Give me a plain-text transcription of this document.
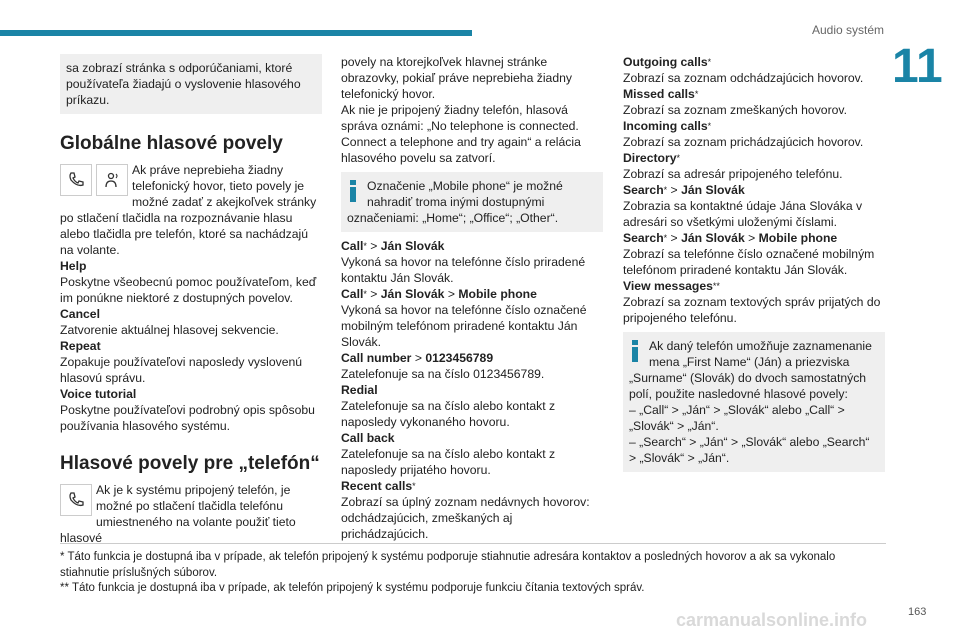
Audio systém
11

sa zobrazí stránka s odporúčaniami, ktoré používateľa žiadajú o vyslovenie hlasového príkazu.

Globálne hlasové povely

Ak práve neprebieha žiadny telefonický hovor, tieto povely je možné zadať z akejkoľvek stránky po stlačení tlačidla na rozpoznávanie hlasu alebo tlačidla pre telefón, ktoré sa nachádzajú na volante.

Help

Poskytne všeobecnú pomoc používateľom, keď im ponúkne niektoré z dostupných povelov.

Cancel

Zatvorenie aktuálnej hlasovej sekvencie.

Repeat

Zopakuje používateľovi naposledy vyslovenú hlasovú správu.

Voice tutorial

Poskytne používateľovi podrobný opis spôsobu používania hlasového systému.

Hlasové povely pre „telefón“

Ak je k systému pripojený telefón, je možné po stlačení tlačidla telefónu umiestneného na volante použiť tieto hlasové

povely na ktorejkoľvek hlavnej stránke obrazovky, pokiaľ práve neprebieha žiadny telefonický hovor.

Ak nie je pripojený žiadny telefón, hlasová správa oznámi: „No telephone is connected. Connect a telephone and try again“ a relácia hlasového povelu sa zatvorí.

Označenie „Mobile phone“ je možné nahradiť troma inými dostupnými označeniami: „Home“; „Office“; „Other“.

Call* > Ján Slovák

Vykoná sa hovor na telefónne číslo priradené kontaktu Ján Slovák.

Call* > Ján Slovák > Mobile phone

Vykoná sa hovor na telefónne číslo označené mobilným telefónom priradené kontaktu Ján Slovák.

Call number > 0123456789

Zatelefonuje sa na číslo 0123456789.

Redial

Zatelefonuje sa na číslo alebo kontakt z naposledy vykonaného hovoru.

Call back

Zatelefonuje sa na číslo alebo kontakt z naposledy prijatého hovoru.

Recent calls*

Zobrazí sa úplný zoznam nedávnych hovorov: odchádzajúcich, zmeškaných aj prichádzajúcich.

Outgoing calls*

Zobrazí sa zoznam odchádzajúcich hovorov.

Missed calls*

Zobrazí sa zoznam zmeškaných hovorov.

Incoming calls*

Zobrazí sa zoznam prichádzajúcich hovorov.

Directory*

Zobrazí sa adresár pripojeného telefónu.

Search* > Ján Slovák

Zobrazia sa kontaktné údaje Jána Slováka v adresári so všetkými uloženými číslami.

Search* > Ján Slovák > Mobile phone

Zobrazí sa telefónne číslo označené mobilným telefónom priradené kontaktu Ján Slovák.

View messages**

Zobrazí sa zoznam textových správ prijatých do pripojeného telefónu.

Ak daný telefón umožňuje zaznamenanie mena „First Name“ (Ján) a priezviska „Surname“ (Slovák) do dvoch samostatných polí, použite nasledovné hlasové povely:

– „Call“ > „Ján“ > „Slovák“ alebo „Call“ > „Slovák“ > „Ján“.

– „Search“ > „Ján“ > „Slovák“ alebo „Search“ > „Slovák“ > „Ján“.

* Táto funkcia je dostupná iba v prípade, ak telefón pripojený k systému podporuje stiahnutie adresára kontaktov a posledných hovorov a ak sa vykonalo stiahnutie príslušných súborov.

** Táto funkcia je dostupná iba v prípade, ak telefón pripojený k systému podporuje funkciu čítania textových správ.

carmanualsonline.info	163
